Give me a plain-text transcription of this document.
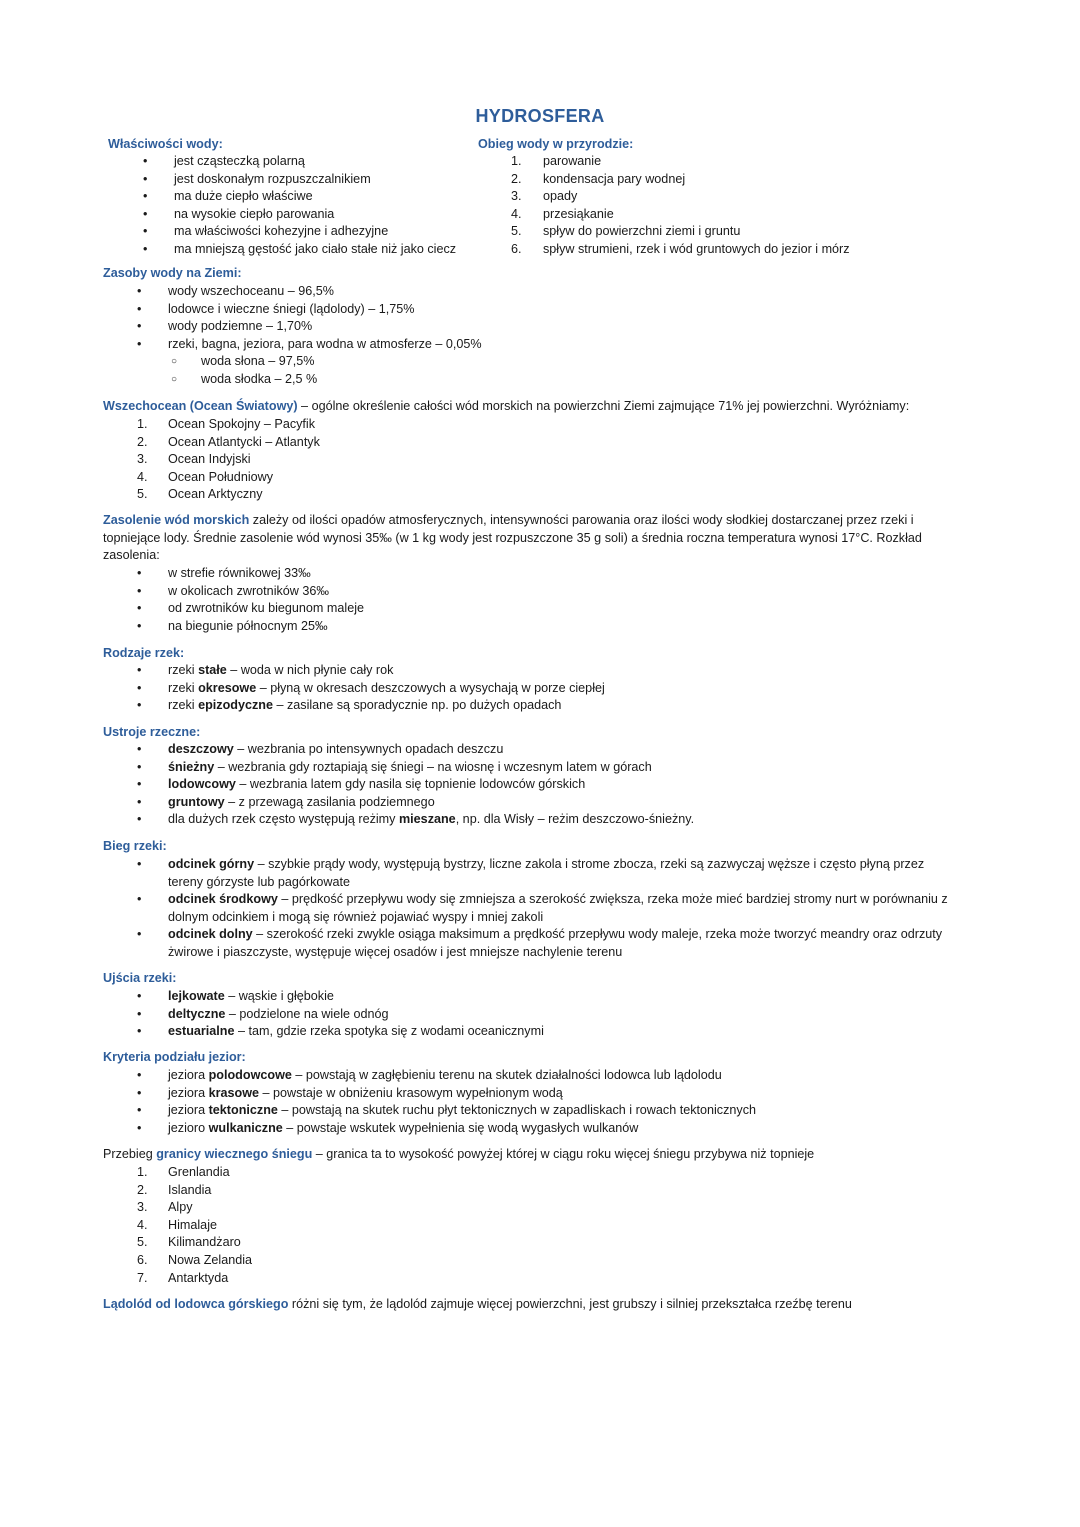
HYDROSFERA
Właściwości wody:
• jest cząsteczką polarną
• jest doskonałym rozpuszczalnikiem
• ma duże ciepło właściwe
• na wysokie ciepło parowania
• ma właściwości kohezyjne i adhezyjne
• ma mniejszą gęstość jako ciało stałe niż jako ciecz
Obieg wody w przyrodzie:
1. parowanie
2. kondensacja pary wodnej
3. opady
4. przesiąkanie
5. spływ do powierzchni ziemi i gruntu
6. spływ strumieni, rzek i wód gruntowych do jezior i mórz
Zasoby wody na Ziemi:
• wody wszechoceanu – 96,5%
• lodowce i wieczne śniegi (lądolody) – 1,75%
• wody podziemne – 1,70%
• rzeki, bagna, jeziora, para wodna w atmosferze – 0,05%
○ woda słona – 97,5%
○ woda słodka – 2,5 %
Wszechocean (Ocean Światowy) – ogólne określenie całości wód morskich na powierzchni Ziemi zajmujące 71% jej powierzchni. Wyróżniamy:
1. Ocean Spokojny – Pacyfik
2. Ocean Atlantycki – Atlantyk
3. Ocean Indyjski
4. Ocean Południowy
5. Ocean Arktyczny
Zasolenie wód morskich zależy od ilości opadów atmosferycznych, intensywności parowania oraz ilości wody słodkiej dostarczanej przez rzeki i
topniejące lody. Średnie zasolenie wód wynosi 35‰ (w 1 kg wody jest rozpuszczone 35 g soli) a średnia roczna temperatura wynosi 17°C. Rozkład
zasolenia:
• w strefie równikowej 33‰
• w okolicach zwrotników 36‰
• od zwrotników ku biegunom maleje
• na biegunie północnym 25‰
Rodzaje rzek:
• rzeki stałe – woda w nich płynie cały rok
• rzeki okresowe – płyną w okresach deszczowych a wysychają w porze ciepłej
• rzeki epizodyczne – zasilane są sporadycznie np. po dużych opadach
Ustroje rzeczne:
• deszczowy – wezbrania po intensywnych opadach deszczu
• śnieżny – wezbrania gdy roztapiają się śniegi – na wiosnę i wczesnym latem w górach
• lodowcowy – wezbrania latem gdy nasila się topnienie lodowców górskich
• gruntowy – z przewagą zasilania podziemnego
• dla dużych rzek często występują reżimy mieszane, np. dla Wisły – reżim deszczowo-śnieżny.
Bieg rzeki:
• odcinek górny – szybkie prądy wody, występują bystrzy, liczne zakola i strome zbocza, rzeki są zazwyczaj węższe i często płyną przez
tereny górzyste lub pagórkowate
• odcinek środkowy – prędkość przepływu wody się zmniejsza a szerokość zwiększa, rzeka może mieć bardziej stromy nurt w porównaniu z
dolnym odcinkiem i mogą się również pojawiać wyspy i mniej zakoli
• odcinek dolny – szerokość rzeki zwykle osiąga maksimum a prędkość przepływu wody maleje, rzeka może tworzyć meandry oraz odrzuty
żwirowe i piaszczyste, występuje więcej osadów i jest mniejsze nachylenie terenu
Ujścia rzeki:
• lejkowate – wąskie i głębokie
• deltyczne – podzielone na wiele odnóg
• estuarialne – tam, gdzie rzeka spotyka się z wodami oceanicznymi
Kryteria podziału jezior:
• jeziora polodowcowe – powstają w zagłębieniu terenu na skutek działalności lodowca lub lądolodu
• jeziora krasowe – powstaje w obniżeniu krasowym wypełnionym wodą
• jeziora tektoniczne – powstają na skutek ruchu płyt tektonicznych w zapadliskach i rowach tektonicznych
• jezioro wulkaniczne – powstaje wskutek wypełnienia się wodą wygasłych wulkanów
Przebieg granicy wiecznego śniegu – granica ta to wysokość powyżej której w ciągu roku więcej śniegu przybywa niż topnieje
1. Grenlandia
2. Islandia
3. Alpy
4. Himalaje
5. Kilimandżaro
6. Nowa Zelandia
7. Antarktyda
Lądolód od lodowca górskiego różni się tym, że lądolód zajmuje więcej powierzchni, jest grubszy i silniej przekształca rzeźbę terenu
